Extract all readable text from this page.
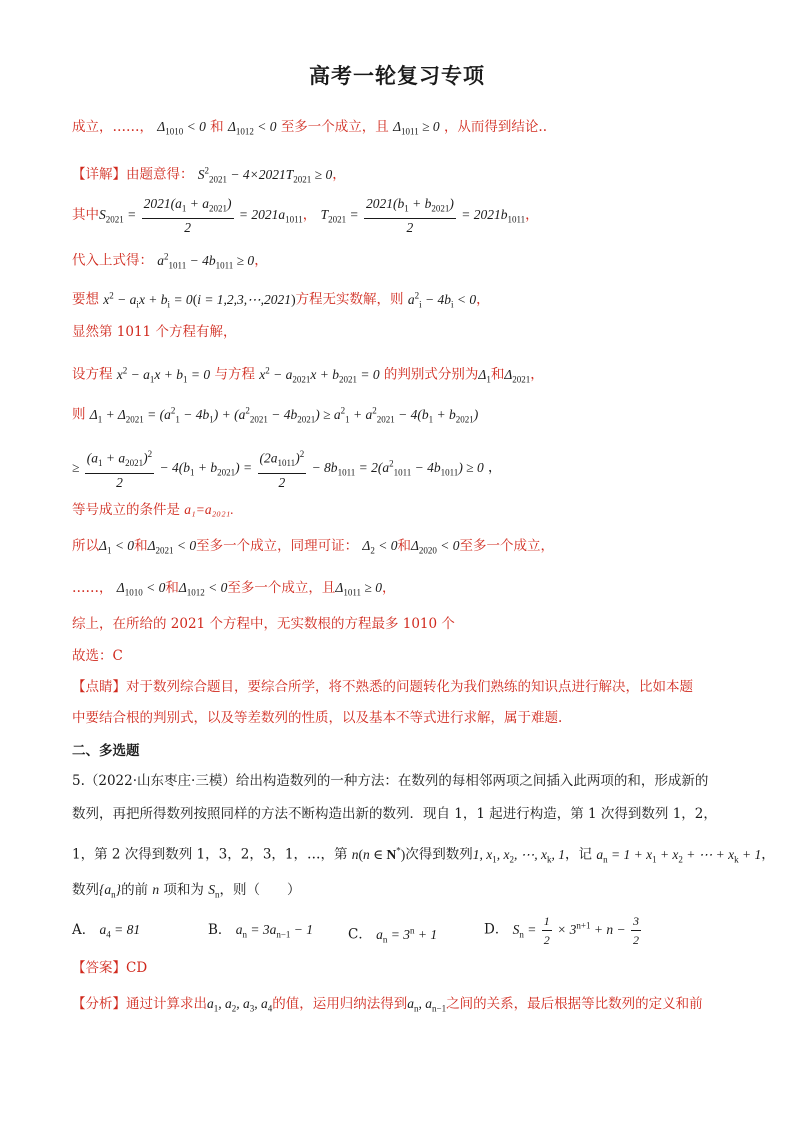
高考一轮复习专项
成立，……， $\Delta_{1010} < 0$ 和 $\Delta_{1012} < 0$ 至多一个成立，且 $\Delta_{1011} \ge 0$ ，从而得到结论..
【详解】由题意得： $S^2_{2021} - 4\times 2021T_{2021} \ge 0$，
其中$S_{2021} = \frac{2021(a_1 + a_{2021})}{2} = 2021a_{1011}$， $T_{2021} = \frac{2021(b_1 + b_{2021})}{2} = 2021b_{1011}$，
代入上式得： $a^2_{1011} - 4b_{1011} \ge 0$，
要想 $x^2 - a_ix + b_i = 0(i$ = 1,2,3,⋯,2021)方程无实数解，则 $a^2_i - 4b_i < 0$，
显然第 1011 个方程有解，
设方程 $x^2 - a_1x + b_1 = 0$ 与方程 $x^2 - a_{2021}x + b_{2021} = 0$ 的判别式分别为$\Delta_1$和$\Delta_{2021}$，
则 $\Delta_1 + \Delta_{2021} = (a^2_1 - 4b_1) + (a^2_{2021} - 4b_{2021}) \ge a^2_1 + a^2_{2021} - 4(b_1 + b_{2021})$
≥ $\frac{(a_1 + a_{2021})^2}{2} - 4(b_1 + b_{2021}) = \frac{(2a_{1011})^2}{2} - 8b_{1011} = 2(a^2_{1011} - 4b_{1011}) \ge 0$ ，
等号成立的条件是 a₁=a₂₀₂₁.
所以$\Delta_1 < 0$和$\Delta_{2021} < 0$至多一个成立，同理可证： $\Delta_2 < 0$和$\Delta_{2020} < 0$至多一个成立，
……， $\Delta_{1010} < 0$和$\Delta_{1012} < 0$至多一个成立，且$\Delta_{1011} \ge 0$，
综上，在所给的 2021 个方程中，无实数根的方程最多 1010 个
故选：C
【点睛】对于数列综合题目，要综合所学，将不熟悉的问题转化为我们熟练的知识点进行解决，比如本题
中要结合根的判别式，以及等差数列的性质，以及基本不等式进行求解，属于难题.
二、多选题
5.（2022·山东枣庄·三模）给出构造数列的一种方法：在数列的每相邻两项之间插入此两项的和，形成新的
数列，再把所得数列按照同样的方法不断构造出新的数列．现自 1，1 起进行构造，第 1 次得到数列 1，2，
1，第 2 次得到数列 1，3，2，3，1，…，第 n(n ∈ N*)次得到数列1, $x_1$, $x_2$, ⋯, $x_k$, 1，记 $a_n = 1 + x_1 + x_2$ + ⋯ + $x_k + 1$，
数列$\{a_n\}$的前 n 项和为 $S_n$，则（　　）
A． $a_4 = 81$	B． $a_n = 3a_{n-1} - 1$	C． $a_n = 3^n + 1$	D． $S_n = \frac{1}{2} \times 3^{n+1} + n - \frac{3}{2}$
【答案】CD
【分析】通过计算求出$a_1$, $a_2$, $a_3$, $a_4$的值，运用归纳法得到$a_n$, $a_{n-1}$之间的关系，最后根据等比数列的定义和前
